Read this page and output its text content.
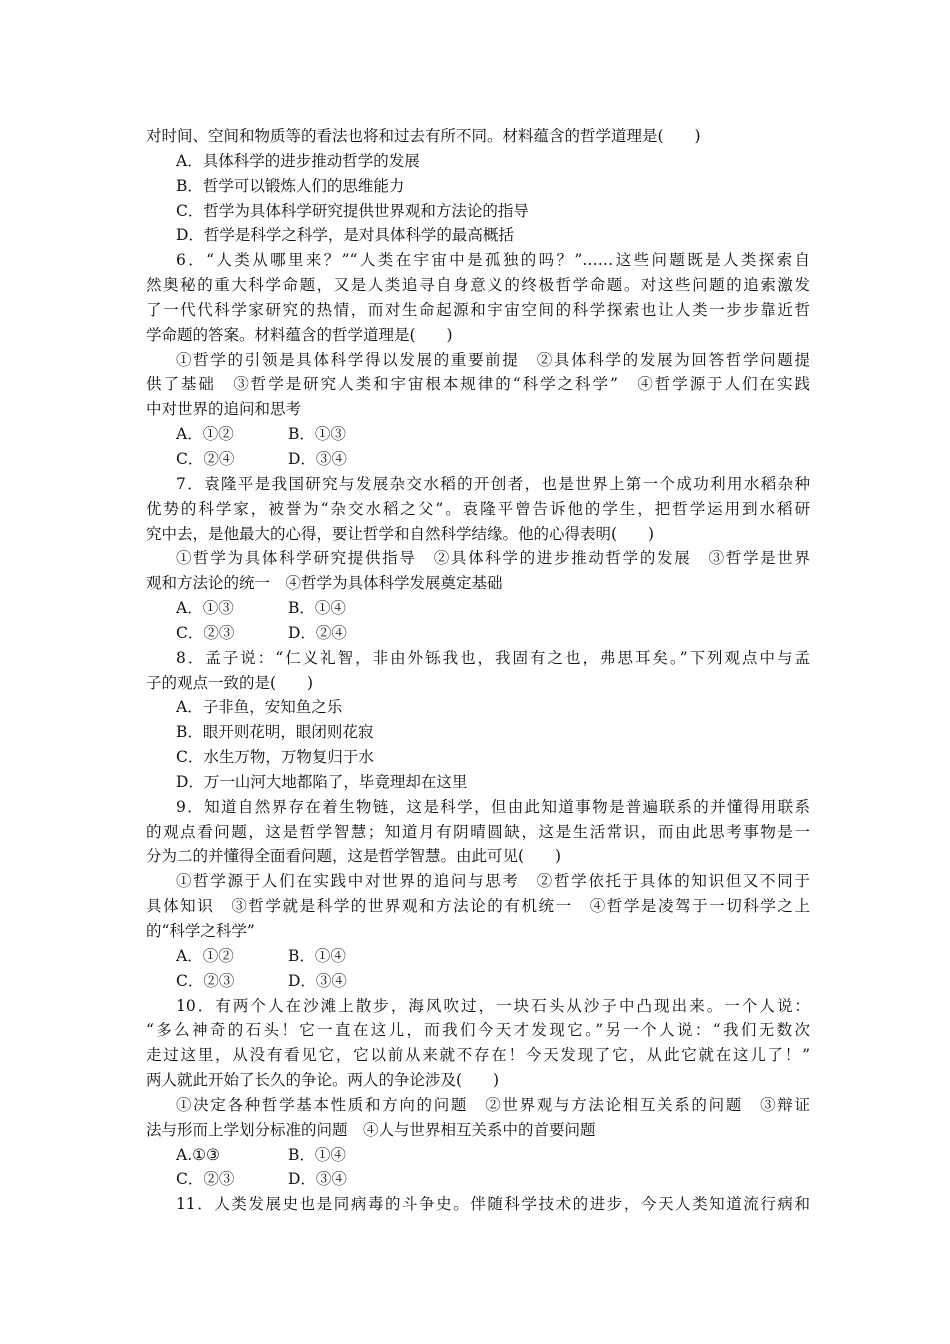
对时间、空间和物质等的看法也将和过去有所不同。材料蕴含的哲学道理是(　　)
A．具体科学的进步推动哲学的发展
B．哲学可以锻炼人们的思维能力
C．哲学为具体科学研究提供世界观和方法论的指导
D．哲学是科学之科学，是对具体科学的最高概括
6．“人类从哪里来？”“人类在宇宙中是孤独的吗？”……这些问题既是人类探索自
然奥秘的重大科学命题，又是人类追寻自身意义的终极哲学命题。对这些问题的追索激发
了一代代科学家研究的热情，而对生命起源和宇宙空间的科学探索也让人类一步步靠近哲
学命题的答案。材料蕴含的哲学道理是(　　)
①哲学的引领是具体科学得以发展的重要前提　②具体科学的发展为回答哲学问题提
供了基础　③哲学是研究人类和宇宙根本规律的“科学之科学”　④哲学源于人们在实践
中对世界的追问和思考
A．①②	B．①③
C．②④	D．③④
7．袁隆平是我国研究与发展杂交水稻的开创者，也是世界上第一个成功利用水稻杂种
优势的科学家，被誉为“杂交水稻之父”。袁隆平曾告诉他的学生，把哲学运用到水稻研
究中去，是他最大的心得，要让哲学和自然科学结缘。他的心得表明(　　)
①哲学为具体科学研究提供指导　②具体科学的进步推动哲学的发展　③哲学是世界
观和方法论的统一　④哲学为具体科学发展奠定基础
A．①③	B．①④
C．②③	D．②④
8．孟子说：“仁义礼智，非由外铄我也，我固有之也，弗思耳矣。”下列观点中与孟
子的观点一致的是(　　)
A．子非鱼，安知鱼之乐
B．眼开则花明，眼闭则花寂
C．水生万物，万物复归于水
D．万一山河大地都陷了，毕竟理却在这里
9．知道自然界存在着生物链，这是科学，但由此知道事物是普遍联系的并懂得用联系
的观点看问题，这是哲学智慧；知道月有阴晴圆缺，这是生活常识，而由此思考事物是一
分为二的并懂得全面看问题，这是哲学智慧。由此可见(　　)
①哲学源于人们在实践中对世界的追问与思考　②哲学依托于具体的知识但又不同于
具体知识　③哲学就是科学的世界观和方法论的有机统一　④哲学是凌驾于一切科学之上
的“科学之科学”
A．①②	B．①④
C．②③	D．③④
10．有两个人在沙滩上散步，海风吹过，一块石头从沙子中凸现出来。一个人说：
“多么神奇的石头！它一直在这儿，而我们今天才发现它。”另一个人说：“我们无数次
走过这里，从没有看见它，它以前从来就不存在！今天发现了它，从此它就在这儿了！”
两人就此开始了长久的争论。两人的争论涉及(　　)
①决定各种哲学基本性质和方向的问题　②世界观与方法论相互关系的问题　③辩证
法与形而上学划分标准的问题　④人与世界相互关系中的首要问题
A.①③	B．①④
C．②③	D．③④
11．人类发展史也是同病毒的斗争史。伴随科学技术的进步，今天人类知道流行病和
